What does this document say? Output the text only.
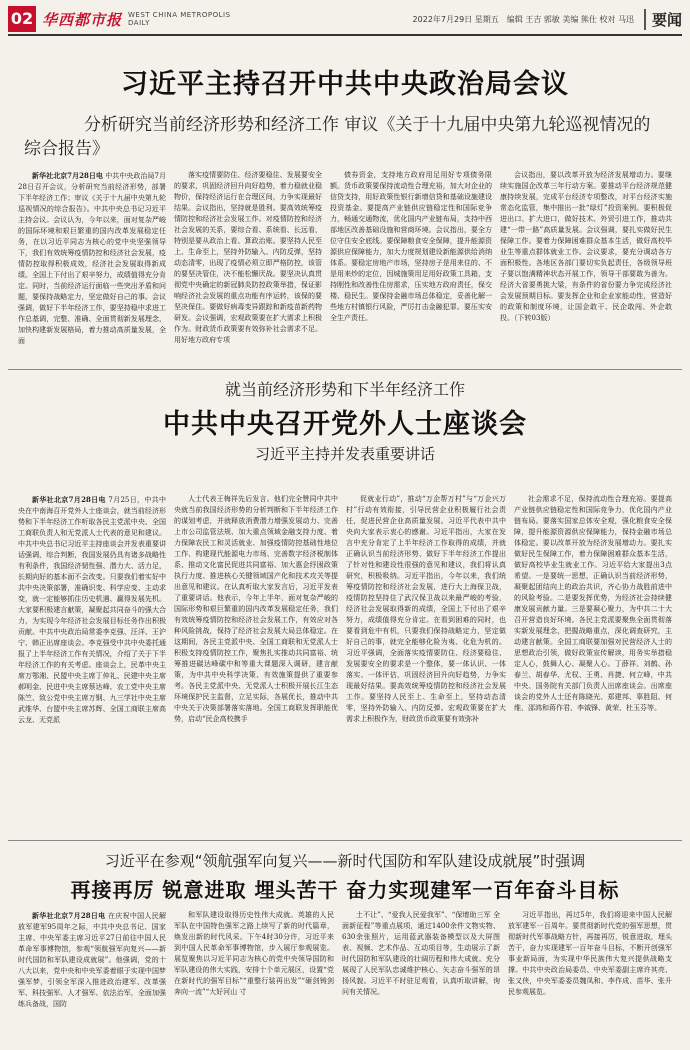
02 华西都市报 WEST CHINA METROPOLIS DAILY	2022年7月29日 星期五 编辑 王吉 郭敏 美编 熊仕 校对 马迅	要闻
习近平主持召开中共中央政治局会议
分析研究当前经济形势和经济工作 审议《关于十九届中央第九轮巡视情况的综合报告》

新华社北京7月28日电 中共中央政治局7月28日召开会议，分析研究当前经济形势，部署下半年经济工作；审议《关于十九届中央第九轮巡视情况的综合报告》。中共中央总书记习近平主持会议。会议认为，今年以来，面对复杂严峻的国际环境和艰巨繁重的国内改革发展稳定任务，在以习近平同志为核心的党中央坚强领导下，我们有效统筹疫情防控和经济社会发展，疫情防控取得积极成效，经济社会发展取得新成绩。全国上下付出了艰辛努力，成绩值得充分肯定。同时，当前经济运行面临一些突出矛盾和问题，要保持战略定力，坚定做好自己的事。会议强调，做好下半年经济工作，要坚持稳中求进工作总基调，完整、准确、全面贯彻新发展理念，加快构建新发展格局，着力推动高质量发展，全面

落实疫情要防住、经济要稳住、发展要安全的要求，巩固经济回升向好趋势，着力稳就业稳物价，保持经济运行在合理区间，力争实现最好结果。会议指出，坚持就是胜利。要高效统筹疫情防控和经济社会发展工作。对疫情防控和经济社会发展的关系，要综合看、系统看、长远看，特别是要从政治上看、算政治账。要坚持人民至上、生命至上，坚持外防输入、内防反弹，坚持动态清零，出现了疫情必须立即严格防控，该管的要坚决管住，决不能松懈厌战。要坚决认真贯彻党中央确定的新冠肺炎防控政策举措，保证影响经济社会发展的重点功能有序运转，该保的要坚决保住。要做好病毒变异跟踪和新疫苗新药物研发。会议强调，宏观政策要在扩大需求上积极作为。财政货币政策要有效弥补社会需求不足。用好地方政府专项

债券资金，支持地方政府用足用好专项债务限额。货币政策要保持流动性合理充裕，加大对企业的信贷支持，用好政策性银行新增信贷和基础设施建设投资基金。要提高产业链供应链稳定性和国际竞争力，畅通交通物流，优化国内产业链布局，支持中西部地区改善基础设施和营商环境。会议指出，要全方位守住安全底线。要保障粮食安全保障，提升能源资源供应保障能力，加大力度规划建设新能源供给消纳体系。要稳定房地产市场，坚持房子是用来住的、不是用来炒的定位，因城施策用足用好政策工具箱，支持刚性和改善性住房需求，压实地方政府责任，保交楼、稳民生。要保持金融市场总体稳定，妥善化解一些地方村镇银行风险，严厉打击金融犯罪。要压实安全生产责任。

会议指出，要以改革开放为经济发展增动力。要继续实施国企改革三年行动方案。要推动平台经济规范健康持续发展，完成平台经济专项整改，对平台经济实施常态化监管，集中推出一批“绿灯”投资案例。要积极促进出口、扩大进口，做好技术、外贸引进工作，推动共建“一带一路”高质量发展。会议强调，要扎实做好民生保障工作。要着力保障困难群众基本生活，做好高校毕业生等重点群体就业工作。会议要求，要充分调动各方面积极性。各地区各部门要切实负起责任，各级领导班子要以饱满精神状态开展工作，领导干部要敢为善为。经济大省要勇挑大梁，有条件的省份要力争完成经济社会发展预期目标。要发挥企业和企业家能动性，营造好的政策和制度环境，让国企敢干、民企敢闯、外企敢投。（下转03版）

就当前经济形势和下半年经济工作
中共中央召开党外人士座谈会
习近平主持并发表重要讲话

新华社北京7月28日电 7月25日，中共中央在中南海召开党外人士座谈会，就当前经济形势和下半年经济工作听取各民主党派中央、全国工商联负责人和无党派人士代表的意见和建议。中共中央总书记习近平主持座谈会并发表重要讲话强调，综合判断，我国发展仍具有诸多战略性有利条件，我国经济韧性强、潜力大、活力足，长期向好的基本面不会改变。只要我们着实好中共中央决策部署，准确识变、科学应变、主动求变，就一定能够抓住历史机遇、赢得发展先机。大家要积极建言献策，凝聚起共同奋斗的强大合力，为实现今年经济社会发展目标任务作出积极贡献。中共中央政治局常委李克强、汪洋、王沪宁、韩正出席座谈会。李克强受中共中央委托通报了上半年经济工作有关情况，介绍了关于下半年经济工作的有关考虑。座谈会上，民革中央主席万鄂湘、民盟中央主席丁仲礼、民建中央主席郝明金、民进中央主席蔡达峰、农工党中央主席陈竺、致公党中央主席万钢、九三学社中央主席武维华、台盟中央主席苏辉、全国工商联主席高云龙、无党派

人士代表王梅祥先后发言。他们完全赞同中共中央就当前我国经济形势的分析判断和下半年经济工作的谋划考虑，并就释放消费潜力增强发展动力、完善上市公司监管法规、加大重点领域金融支持力度、着力保障农民工和灵活就业、加强疫情防控基础性地位工作、构建现代能源电力市场、完善数字经济税制体系、推动文化富民促进共同富裕、加大惠企纾困政策执行力度、推进核心关键领域国产化和技术攻关等提出意见和建议。在认真听取大家发言后，习近平发表了重要讲话。他表示，今年上半年，面对复杂严峻的国际形势和艰巨繁重的国内改革发展稳定任务，我们有效统筹疫情防控和经济社会发展工作，有效应对各种风险挑战，保持了经济社会发展大局总体稳定。在这期间，各民主党派中央、全国工商联和无党派人士积极支持疫情防控工作，聚焦扎实推动共同富裕、统筹推进碳达峰碳中和等重大课题深入调研，建言献策，为中共中央科学决策、有效施策提供了重要参考。各民主党派中央、无党派人士积极开展长江生态环境保护民主监督，立足实际，各展优长，推动中共中央关于决策部署落实落地。全国工商联发挥职能优势，启动“民企高校携手

促就业行动”，推动“万企帮万村”与“万企兴万村”行动有效衔接，引导民营企业积极履行社会责任，促进民营企业高质量发展。习近平代表中共中央向大家表示衷心的感谢。习近平指出，大家在发言中充分肯定了上半年经济工作取得的成绩，并就正确认识当前经济形势、做好下半年经济工作提出了针对性和建设性很强的意见和建议，我们将认真研究，积极吸纳。习近平指出，今年以来，我们统筹疫情防控和经济社会发展，进行大上海保卫战，疫情防控坚持住了武汉保卫战以来最严峻的考验，经济社会发展取得新的成绩，全国上下付出了艰辛努力，成绩值得充分肯定。在看到困难的同时，也要看到危中有机，只要我们保持战略定力，坚定做好自己的事，就完全能够化险为夷、化危为机的。习近平强调，全面落实疫情要防住、经济要稳住、发展要安全的要求是一个整体，要一体认识、一体落实、一体评估，巩固经济回升向好趋势，力争实现最好结果。要高效统筹疫情防控和经济社会发展工作。要坚持人民至上、生命至上，坚持动态清零，坚持外防输入、内防反弹。宏观政策要在扩大需求上积极作为，财政货币政策要有效弥补

社会需求不足，保持流动性合理充裕。要提高产业链供应链稳定性和国际竞争力，优化国内产业链布局。要落实国家总体安全观，强化粮食安全保障，提升能源资源供应保障能力，保持金融市场总体稳定。要以改革开放为经济发展增动力。要扎实做好民生保障工作，着力保障困难群众基本生活，做好高校毕业生就业工作。习近平给大家提出3点希望。一是要统一思想，正确认识当前经济形势，凝聚起团结向上的政治共识，齐心协力战胜前进中的风险考验。二是要发挥优势，为经济社会持续健康发展贡献力量。三是要凝心聚力，为中共二十大召开营造良好环境。各民主党派要聚焦全面贯彻落实新发展理念，把握战略重点，深化调查研究，主动建言献策。全国工商联要加强对民营经济人士的思想政治引领，做好政策宣传解读，用务实举措稳定人心，鼓舞人心、凝聚人心。丁薛祥、刘鹤、孙春兰、胡春华、尤权、王勇、肖捷、何立峰，中共中央、国务院有关部门负责人出席座谈会。出席座谈会的党外人士还有陈晓光、郑建邦、辜胜阻、何维、邵鸿和蒋作君、李钺锋、黄荣、杜玉芬等。

习近平在参观“领航强军向复兴——新时代国防和军队建设成就展”时强调
再接再厉 锐意进取 埋头苦干 奋力实现建军一百年奋斗目标

新华社北京7月28日电 在庆祝中国人民解放军建军95周年之际，中共中央总书记、国家主席、中央军委主席习近平27日前往中国人民革命军事博物馆，参观“领航强军向复兴——新时代国防和军队建设成就展”。他强调，党的十八大以来，党中央和中央军委着眼于实现中国梦强军梦，引领全军深入推进政治建军、改革强军、科技强军、人才强军、依法治军，全面加强练兵备战，国防

和军队建设取得历史性伟大成就。英雄的人民军队在中国特色强军之路上续写了新的时代篇章，焕发出新的时代风采。下午4时30分许，习近平来到中国人民革命军事博物馆，步入展厅参观展览。展览聚焦以习近平同志为核心的党中央领导国防和军队建设的伟大实践，安排十个单元展区，设置“党在新时代的强军目标”“重整行装再出发”“砸剑铸剑 奔向一流”“大好河山 寸

土不让”、“爱我人民爱我军”、“保增助三军 全面新征程”等重点展项，通过1400余件文物实物、630余张照片，运用蓝武器装备模型以及大屏图表、视频、艺术作品、互动项目等，生动展示了新时代国防和军队建设的壮阔历程和伟大成就。充分展现了人民军队忠诚维护核心、矢志奋斗强军的昂扬风貌。习近平不时驻足观看，认真听取讲解，询问有关情况。

习近平指出，再过5年，我们将迎来中国人民解放军建军一百周年。要贯彻新时代党的强军思想，贯彻新时代军事战略方针，再接再厉，锐意进取，埋头苦干，奋力实现建军一百年奋斗目标，不断开创强军事业新局面，为实现中华民族伟大复兴提供战略支撑。中共中央政治局委员、中央军委副主席许其亮、张又侠，中央军委委员魏凤和、李作成、苗华、张升民参观展览。
